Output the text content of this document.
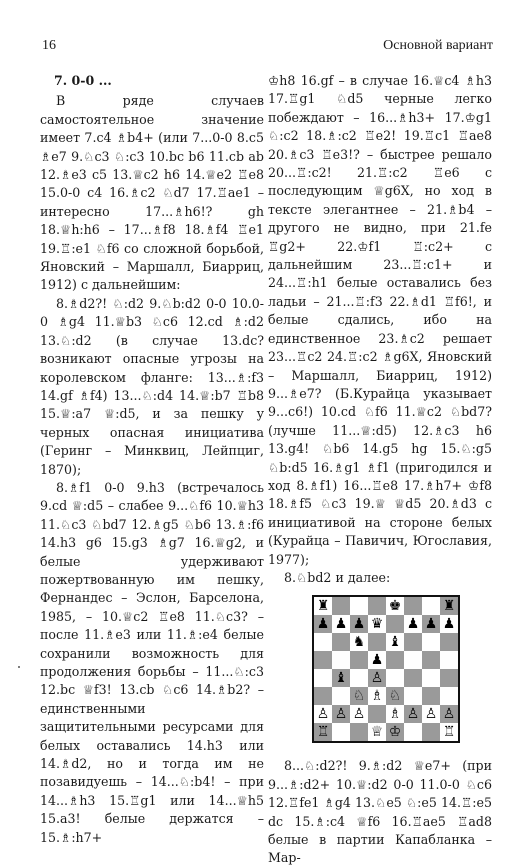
16	Основной вариант

7. 0-0 ...

В ряде случаев самостоятельное значение имеет 7.c4 ♗b4+ (или 7...0-0 8.c5 ♗e7 9.♘c3 ♘:c3 10.bc b6 11.cb ab 12.♗e3 c5 13.♕c2 h6 14.♕e2 ♖e8 15.0-0 c4 16.♗c2 ♘d7 17.♖ae1 – интересно 17...♗h6!? gh 18.♕h:h6 – 17...♗f8 18.♗f4 ♖e1 19.♖:e1 ♘f6 со сложной борьбой, Яновский – Маршалл, Биарриц, 1912) с дальнейшим:

8.♗d2?! ♘:d2 9.♘b:d2 0-0 10.0-0 ♗g4 11.♕b3 ♘c6 12.cd ♗:d2 13.♘:d2 (в случае 13.dc? возникают опасные угрозы на королевском фланге: 13...♗:f3 14.gf ♗f4) 13...♘:d4 14.♕:b7 ♖b8 15.♕:a7 ♕:d5, и за пешку у черных опасная инициатива (Геринг – Минквиц, Лейпциг, 1870);

8.♗f1 0-0 9.h3 (встречалось 9.cd ♕:d5 – слабее 9...♘f6 10.♕h3 11.♘c3 ♘bd7 12.♗g5 ♘b6 13.♗:f6 14.h3 g6 15.g3 ♗g7 16.♕g2, и белые удерживают пожертвованную им пешку, Фернандес – Эслон, Барселона, 1985, – 10.♕c2 ♖e8 11.♘c3? – после 11.♗e3 или 11.♗:e4 белые сохранили возможность для продолжения борьбы – 11...♘:c3 12.bc ♕f3! 13.cb ♘c6 14.♗b2? – единственными защитительными ресурсами для белых оставались 14.h3 или 14.♗d2, но и тогда им не позавидуешь – 14...♘:b4! – при 14...♗h3 15.♖g1 или 14...♕h5 15.a3! белые держатся – 15.♗:h7+

♔h8 16.gf – в случае 16.♕c4 ♗h3 17.♖g1 ♘d5 черные легко побеждают – 16...♗h3+ 17.♔g1 ♘:c2 18.♗:c2 ♖e2! 19.♖c1 ♖ae8 20.♗c3 ♖e3!? – быстрее решало 20...♖:c2! 21.♖:c2 ♖e6 с последующим ♕g6X, но ход в тексте элегантнее – 21.♗b4 – другого не видно, при 21.fe ♖g2+ 22.♔f1 ♖:c2+ с дальнейшим 23...♖:c1+ и 24...♖:h1 белые оставались без ладьи – 21...♖:f3 22.♗d1 ♖f6!, и белые сдались, ибо на единственное 23.♗c2 решает 23...♖c2 24.♖:c2 ♗g6X, Яновский – Маршалл, Биарриц, 1912) 9...♗e7? (Б.Курайца указывает 9...c6!) 10.cd ♘f6 11.♕c2 ♘bd7? (лучше 11...♕:d5) 12.♗c3 h6 13.g4! ♘b6 14.g5 hg 15.♘:g5 ♘b:d5 16.♗g1 ♗f1 (пригодился и ход 8.♗f1) 16...♖e8 17.♗h7+ ♔f8 18.♗f5 ♘c3 19.♕ ♕d5 20.♗d3 с инициативой на стороне белых (Курайца – Павичич, Югославия, 1977);

8.♘bd2 и далее:

♜	♚	♜
♟ ♟ ♟ ♛ ♟ ♟ ♟
♞ ♝
♟
♝ ♙
♘ ♗ ♘
♙ ♙ ♙ ♗ ♙ ♙ ♙
♖	♕ ♔	♖

8...♘:d2?! 9.♗:d2 ♕e7+ (при 9...♗:d2+ 10.♕:d2 0-0 11.0-0 ♘c6 12.♖fe1 ♗g4 13.♘e5 ♘:e5 14.♖:e5 dc 15.♗:c4 ♕f6 16.♖ae5 ♖ad8 белые в партии Капабланка – Мар-
